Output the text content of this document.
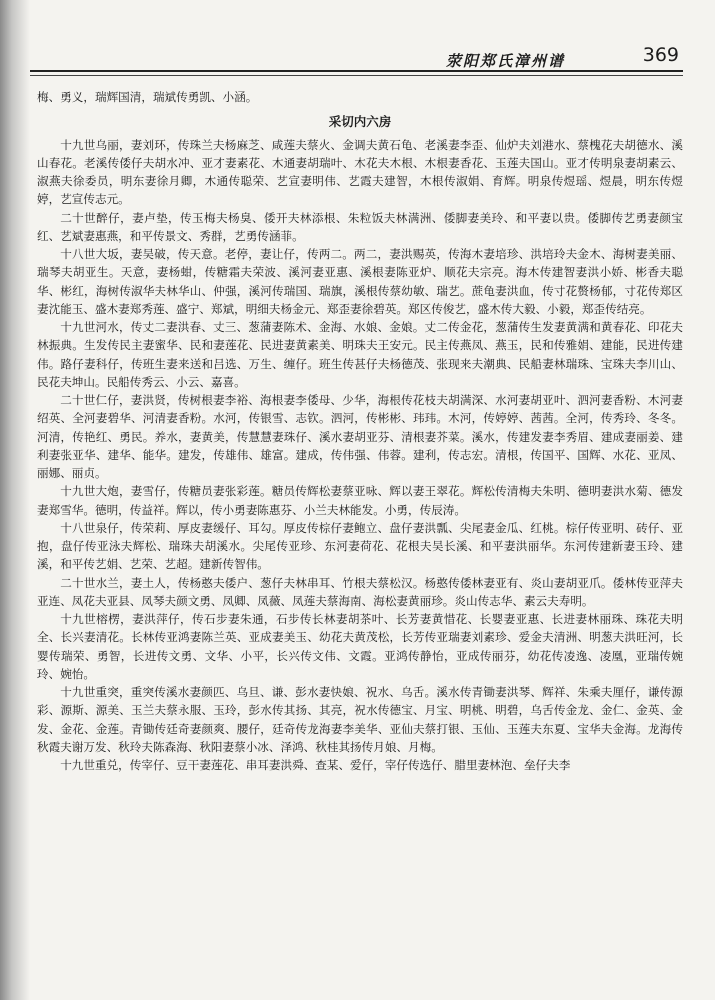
荥阳郑氏漳州谱	369

梅、勇义，瑞辉国清，瑞斌传勇凯、小涵。

采切内六房

十九世乌丽，妻刘环，传珠兰夫杨麻芝、咸莲夫蔡火、金调夫黄石龟、老溪妻李歪、仙炉夫刘港水、蔡槐花夫胡德水、溪山春花。老溪传倭仔夫胡水冲、亚才妻素花、木通妻胡瑞叶、木花夫木根、木根妻香花、玉莲夫国山。亚才传明泉妻胡素云、淑燕夫徐委员，明东妻徐月卿，木通传聪荣、艺宣妻明伟、艺霞夫建智，木根传淑娟、育辉。明泉传煜瑶、煜晨，明东传煜婷，艺宣传志元。

二十世醉仔，妻卢垫，传玉梅夫杨臭、倭开夫林添根、朱粒饭夫林满洲、倭脚妻美玲、和平妻以贵。倭脚传艺勇妻颜宝红、艺斌妻惠燕，和平传景文、秀群，艺勇传涵菲。

十八世大坂，妻吴破，传天意。老停，妻让仔，传两二。两二，妻洪赐英，传海木妻培珍、洪培玲夫金木、海树妻美丽、瑞琴夫胡亚生。天意，妻杨蚶，传糖霜夫荣波、溪河妻亚惠、溪根妻陈亚炉、顺花夫宗亮。海木传建智妻洪小娇、彬香夫聪华、彬红，海树传淑华夫林华山、仲强，溪河传瑞国、瑞旗，溪根传蔡幼敏、瑞艺。蔗龟妻洪血，传寸花赘杨郁，寸花传郑区妻沈能玉、盛木妻郑秀莲、盛宁、郑斌，明细夫杨金元、郑歪妻徐碧英。郑区传俊艺，盛木传大毅、小毅，郑歪传结亮。

十九世河水，传丈二妻洪春、丈三、葱蒲妻陈术、金海、水娘、金娘。丈二传金花，葱蒲传生发妻黄满和黄春花、印花夫林振典。生发传民主妻蜜华、民和妻莲花、民进妻黄素美、明珠夫王安元。民主传燕凤、燕玉，民和传雅娟、建能，民进传建伟。路仔妻科仔，传班生妻来送和吕选、万生、缠仔。班生传甚仔夫杨德茂、张现来夫潮典、民船妻林瑞珠、宝珠夫李川山、民花夫坤山。民船传秀云、小云、嘉喜。

二十世仁仔，妻洪贤，传树根妻李裕、海根妻李倭母、少华，海根传花枝夫胡满深、水河妻胡亚叶、泗河妻香粉、木河妻绍英、全河妻碧华、河清妻香粉。水河，传银雪、志钦。泗河，传彬彬、玮玮。木河，传婷婷、茜茜。全河，传秀玲、冬冬。河清，传艳红、勇民。养水，妻黄美，传慧慧妻珠仔、溪水妻胡亚芬、清根妻芥菜。溪水，传建发妻李秀眉、建成妻丽姜、建利妻张亚华、建华、能华。建发，传雄伟、雄富。建成，传伟强、伟蓉。建利，传志宏。清根，传国平、国辉、水花、亚凤、丽娜、丽贞。

十九世大炮，妻雪仔，传糖员妻张彩莲。糖员传辉松妻蔡亚咏、辉以妻王翠花。辉松传清梅夫朱明、德明妻洪水菊、德发妻郑雪华。德明，传益祥。辉以，传小勇妻陈惠芬、小兰夫林能发。小勇，传辰涛。

十八世泉仔，传荣莉、厚皮妻缓仔、耳勾。厚皮传棕仔妻鲍立、盘仔妻洪瓢、尖尾妻金瓜、红桃。棕仔传亚明、砖仔、亚抱，盘仔传亚泳夫辉松、瑞珠夫胡溪水。尖尾传亚珍、东河妻荷花、花根夫吴长溪、和平妻洪丽华。东河传建新妻玉玲、建溪，和平传艺娟、艺荣、艺超。建新传智伟。

二十世水兰，妻土人，传杨憨夫倭户、葱仔夫林串耳、竹根夫蔡松汉。杨憨传倭林妻亚有、炎山妻胡亚爪。倭林传亚萍夫亚连、凤花夫亚县、凤琴夫颜文勇、凤卿、凤薇、凤莲夫蔡海南、海松妻黄丽珍。炎山传志华、素云夫寿明。

十九世榕楞，妻洪萍仔，传石步妻朱通，石步传长林妻胡茶叶、长芳妻黄惜花、长婴妻亚惠、长进妻林丽珠、珠花夫明全、长兴妻清花。长林传亚鸿妻陈兰英、亚成妻美玉、幼花夫黄茂松，长芳传亚瑞妻刘素珍、爱金夫清洲、明葱夫洪旺河，长婴传瑞荣、勇智，长进传文勇、文华、小平，长兴传文伟、文霞。亚鸿传静怡，亚成传丽芬，幼花传凌逸、凌凰，亚瑞传婉玲、婉怡。

十九世重突，重突传溪水妻颜匹、乌旦、谦、彭水妻快娘、祝水、乌舌。溪水传青锄妻洪琴、辉祥、朱乘夫厘仔，谦传源彩、源斯、源美、玉兰夫蔡永服、玉玲，彭水传其扬、其亮，祝水传德宝、月宝、明桃、明碧，乌舌传金龙、金仁、金英、金发、金花、金莲。青锄传廷奇妻颜爽、腰仔，廷奇传龙海妻李美华、亚仙夫蔡打银、玉仙、玉莲夫东夏、宝华夫金海。龙海传秋霞夫谢万发、秋玲夫陈森海、秋阳妻蔡小冰、泽鸿、秋桂其扬传月娘、月梅。

十九世重兑，传宰仔、豆干妻莲花、串耳妻洪舜、查某、爱仔，宰仔传选仔、腊里妻林泡、垒仔夫李
